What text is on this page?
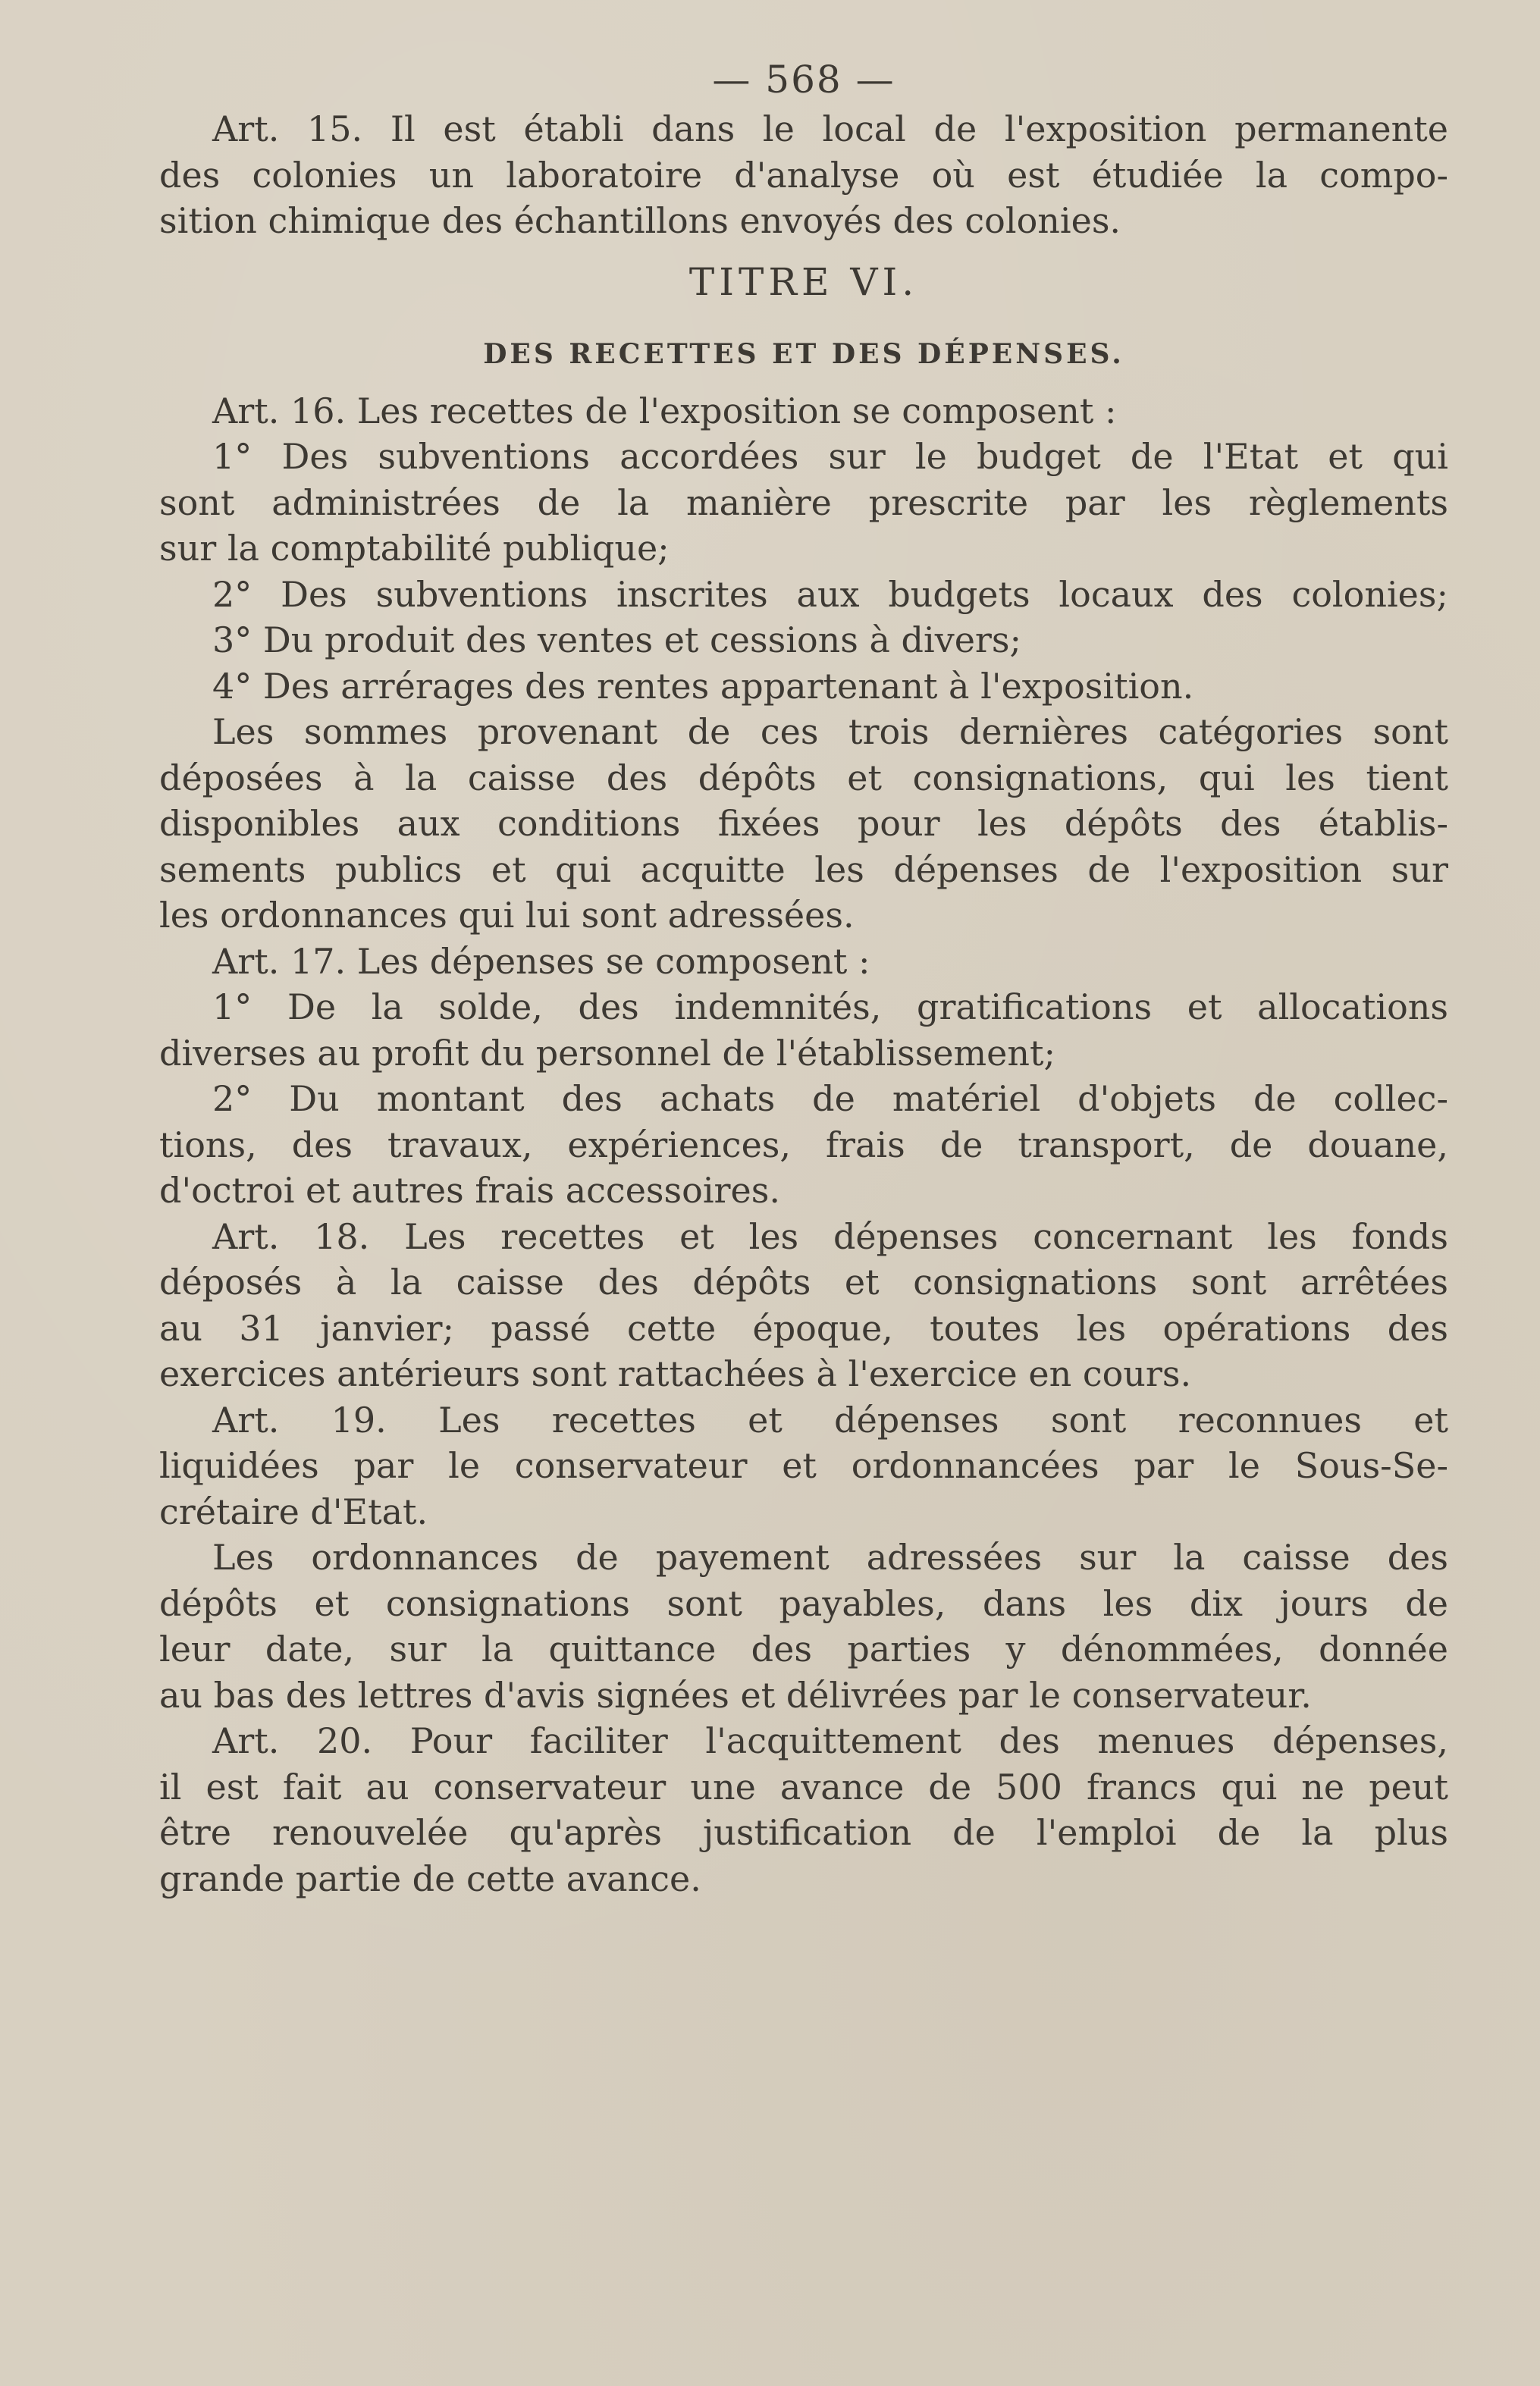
— 568 —
Art. 15. Il est établi dans le local de l'exposition permanente
des colonies un laboratoire d'analyse où est étudiée la compo-
sition chimique des échantillons envoyés des colonies.
TITRE VI.
DES RECETTES ET DES DÉPENSES.
Art. 16. Les recettes de l'exposition se composent :
1° Des subventions accordées sur le budget de l'Etat et qui
sont administrées de la manière prescrite par les règlements
sur la comptabilité publique;
2° Des subventions inscrites aux budgets locaux des colonies;
3° Du produit des ventes et cessions à divers;
4° Des arrérages des rentes appartenant à l'exposition.
Les sommes provenant de ces trois dernières catégories sont
déposées à la caisse des dépôts et consignations, qui les tient
disponibles aux conditions fixées pour les dépôts des établis-
sements publics et qui acquitte les dépenses de l'exposition sur
les ordonnances qui lui sont adressées.
Art. 17. Les dépenses se composent :
1° De la solde, des indemnités, gratifications et allocations
diverses au profit du personnel de l'établissement;
2° Du montant des achats de matériel d'objets de collec-
tions, des travaux, expériences, frais de transport, de douane,
d'octroi et autres frais accessoires.
Art. 18. Les recettes et les dépenses concernant les fonds
déposés à la caisse des dépôts et consignations sont arrêtées
au 31 janvier; passé cette époque, toutes les opérations des
exercices antérieurs sont rattachées à l'exercice en cours.
Art. 19. Les recettes et dépenses sont reconnues et
liquidées par le conservateur et ordonnancées par le Sous-Se-
crétaire d'Etat.
Les ordonnances de payement adressées sur la caisse des
dépôts et consignations sont payables, dans les dix jours de
leur date, sur la quittance des parties y dénommées, donnée
au bas des lettres d'avis signées et délivrées par le conservateur.
Art. 20. Pour faciliter l'acquittement des menues dépenses,
il est fait au conservateur une avance de 500 francs qui ne peut
être renouvelée qu'après justification de l'emploi de la plus
grande partie de cette avance.
